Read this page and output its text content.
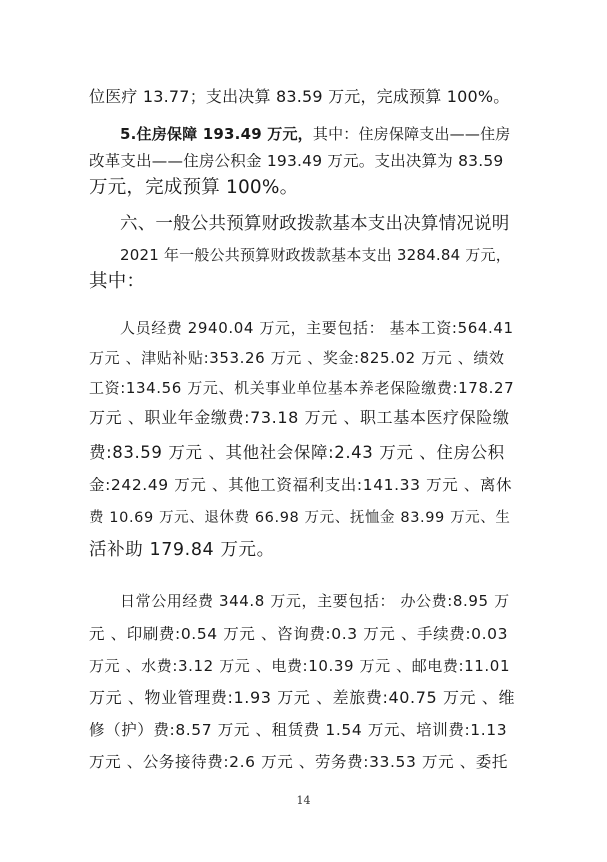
位医疗 13.77；支出决算 83.59 万元，完成预算 100%。
5.住房保障 193.49 万元，其中：住房保障支出——住房
改革支出——住房公积金 193.49 万元。支出决算为 83.59
万元，完成预算 100%。
六、一般公共预算财政拨款基本支出决算情况说明
2021 年一般公共预算财政拨款基本支出 3284.84 万元，
其中：
人员经费 2940.04 万元，主要包括： 基本工资:564.41
万元 、津贴补贴:353.26 万元 、奖金:825.02 万元 、绩效
工资:134.56 万元、机关事业单位基本养老保险缴费:178.27
万元 、职业年金缴费:73.18 万元 、职工基本医疗保险缴
费:83.59 万元 、其他社会保障:2.43 万元 、住房公积
金:242.49 万元 、其他工资福利支出:141.33 万元 、离休
费 10.69 万元、退休费 66.98 万元、抚恤金 83.99 万元、生
活补助 179.84 万元。
日常公用经费 344.8 万元，主要包括： 办公费:8.95 万
元 、印刷费:0.54 万元 、咨询费:0.3 万元 、手续费:0.03
万元 、水费:3.12 万元 、电费:10.39 万元 、邮电费:11.01
万元 、物业管理费:1.93 万元 、差旅费:40.75 万元 、维
修（护）费:8.57 万元 、租赁费 1.54 万元、培训费:1.13
万元 、公务接待费:2.6 万元 、劳务费:33.53 万元 、委托
14
